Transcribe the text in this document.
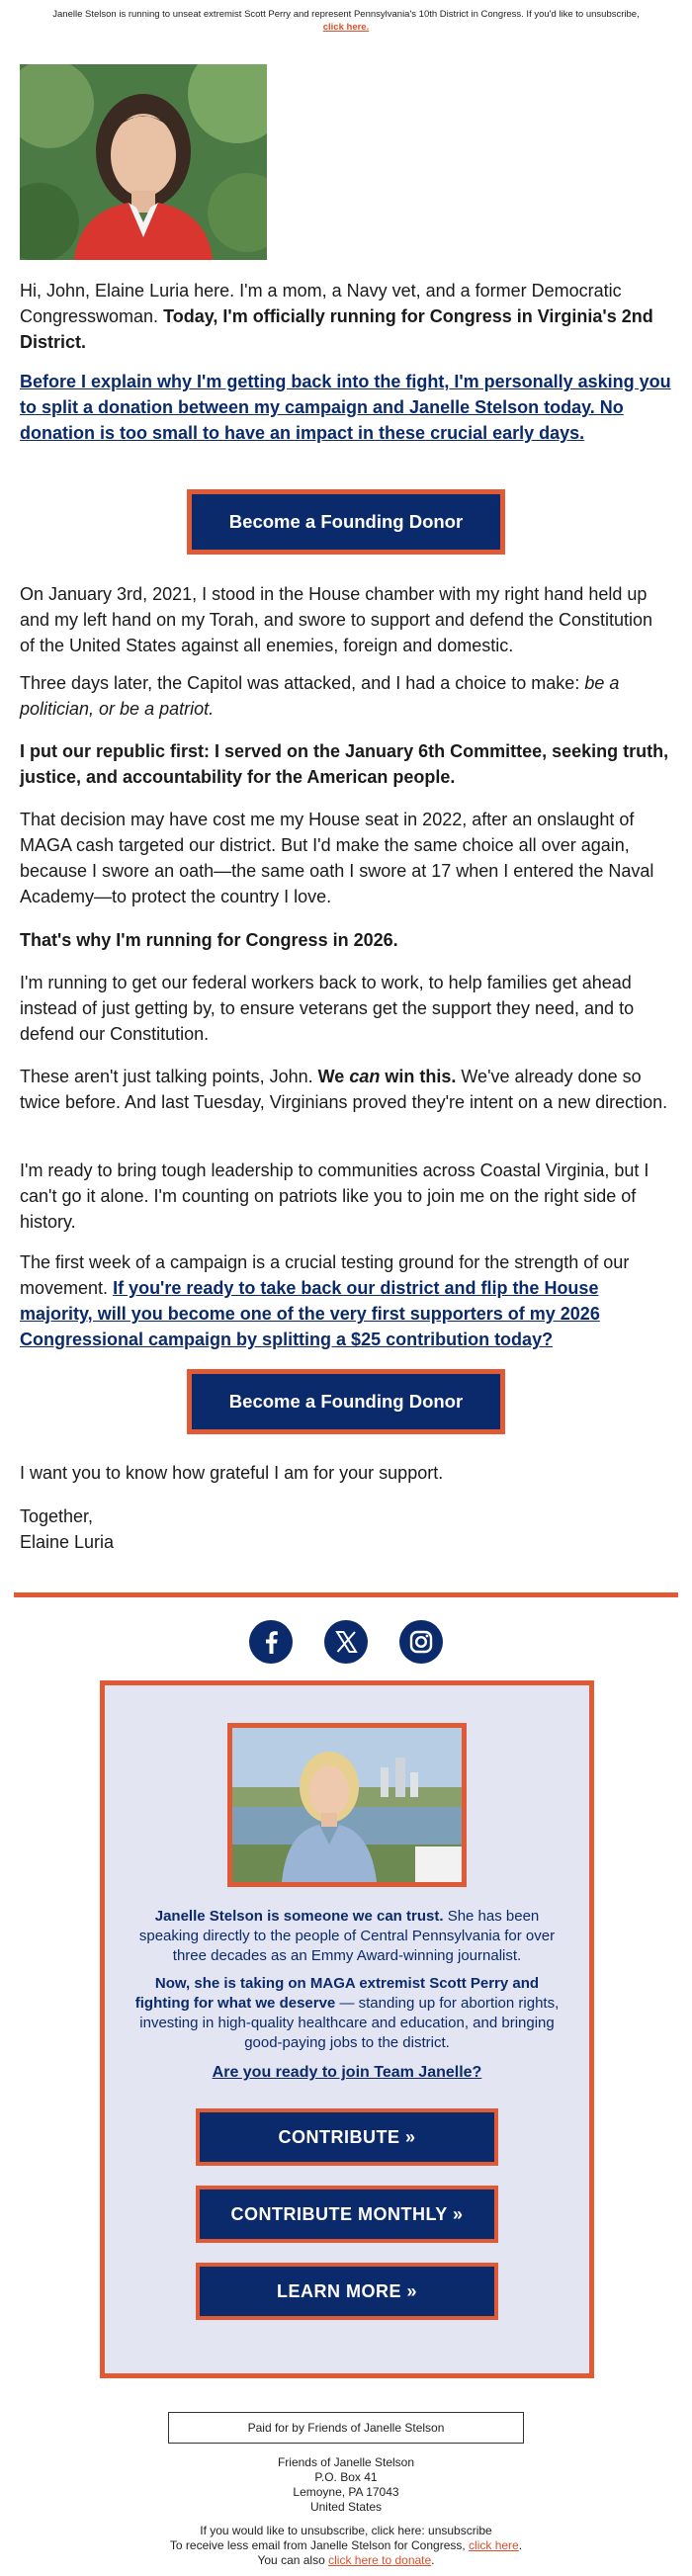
Janelle Stelson is running to unseat extremist Scott Perry and represent Pennsylvania's 10th District in Congress. If you'd like to unsubscribe,
click here.
Hi, John, Elaine Luria here. I'm a mom, a Navy vet, and a former Democratic Congresswoman. Today, I'm officially running for Congress in Virginia's 2nd District.
Before I explain why I'm getting back into the fight, I'm personally asking you to split a donation between my campaign and Janelle Stelson today. No donation is too small to have an impact in these crucial early days.
Become a Founding Donor
On January 3rd, 2021, I stood in the House chamber with my right hand held up and my left hand on my Torah, and swore to support and defend the Constitution of the United States against all enemies, foreign and domestic.
Three days later, the Capitol was attacked, and I had a choice to make: be a politician, or be a patriot.
I put our republic first: I served on the January 6th Committee, seeking truth, justice, and accountability for the American people.
That decision may have cost me my House seat in 2022, after an onslaught of MAGA cash targeted our district. But I'd make the same choice all over again, because I swore an oath—the same oath I swore at 17 when I entered the Naval Academy—to protect the country I love.
That's why I'm running for Congress in 2026.
I'm running to get our federal workers back to work, to help families get ahead instead of just getting by, to ensure veterans get the support they need, and to defend our Constitution.
These aren't just talking points, John. We can win this. We've already done so twice before. And last Tuesday, Virginians proved they're intent on a new direction.
I'm ready to bring tough leadership to communities across Coastal Virginia, but I can't go it alone. I'm counting on patriots like you to join me on the right side of history.
The first week of a campaign is a crucial testing ground for the strength of our movement. If you're ready to take back our district and flip the House majority, will you become one of the very first supporters of my 2026 Congressional campaign by splitting a $25 contribution today?
Become a Founding Donor
I want you to know how grateful I am for your support.
Together,
Elaine Luria
Janelle Stelson is someone we can trust. She has been speaking directly to the people of Central Pennsylvania for over three decades as an Emmy Award-winning journalist.
Now, she is taking on MAGA extremist Scott Perry and fighting for what we deserve — standing up for abortion rights, investing in high-quality healthcare and education, and bringing good-paying jobs to the district.
Are you ready to join Team Janelle?
CONTRIBUTE »
CONTRIBUTE MONTHLY »
LEARN MORE »
Paid for by Friends of Janelle Stelson
Friends of Janelle Stelson
P.O. Box 41
Lemoyne, PA 17043
United States
If you would like to unsubscribe, click here: unsubscribe
To receive less email from Janelle Stelson for Congress, click here.
You can also click here to donate.
